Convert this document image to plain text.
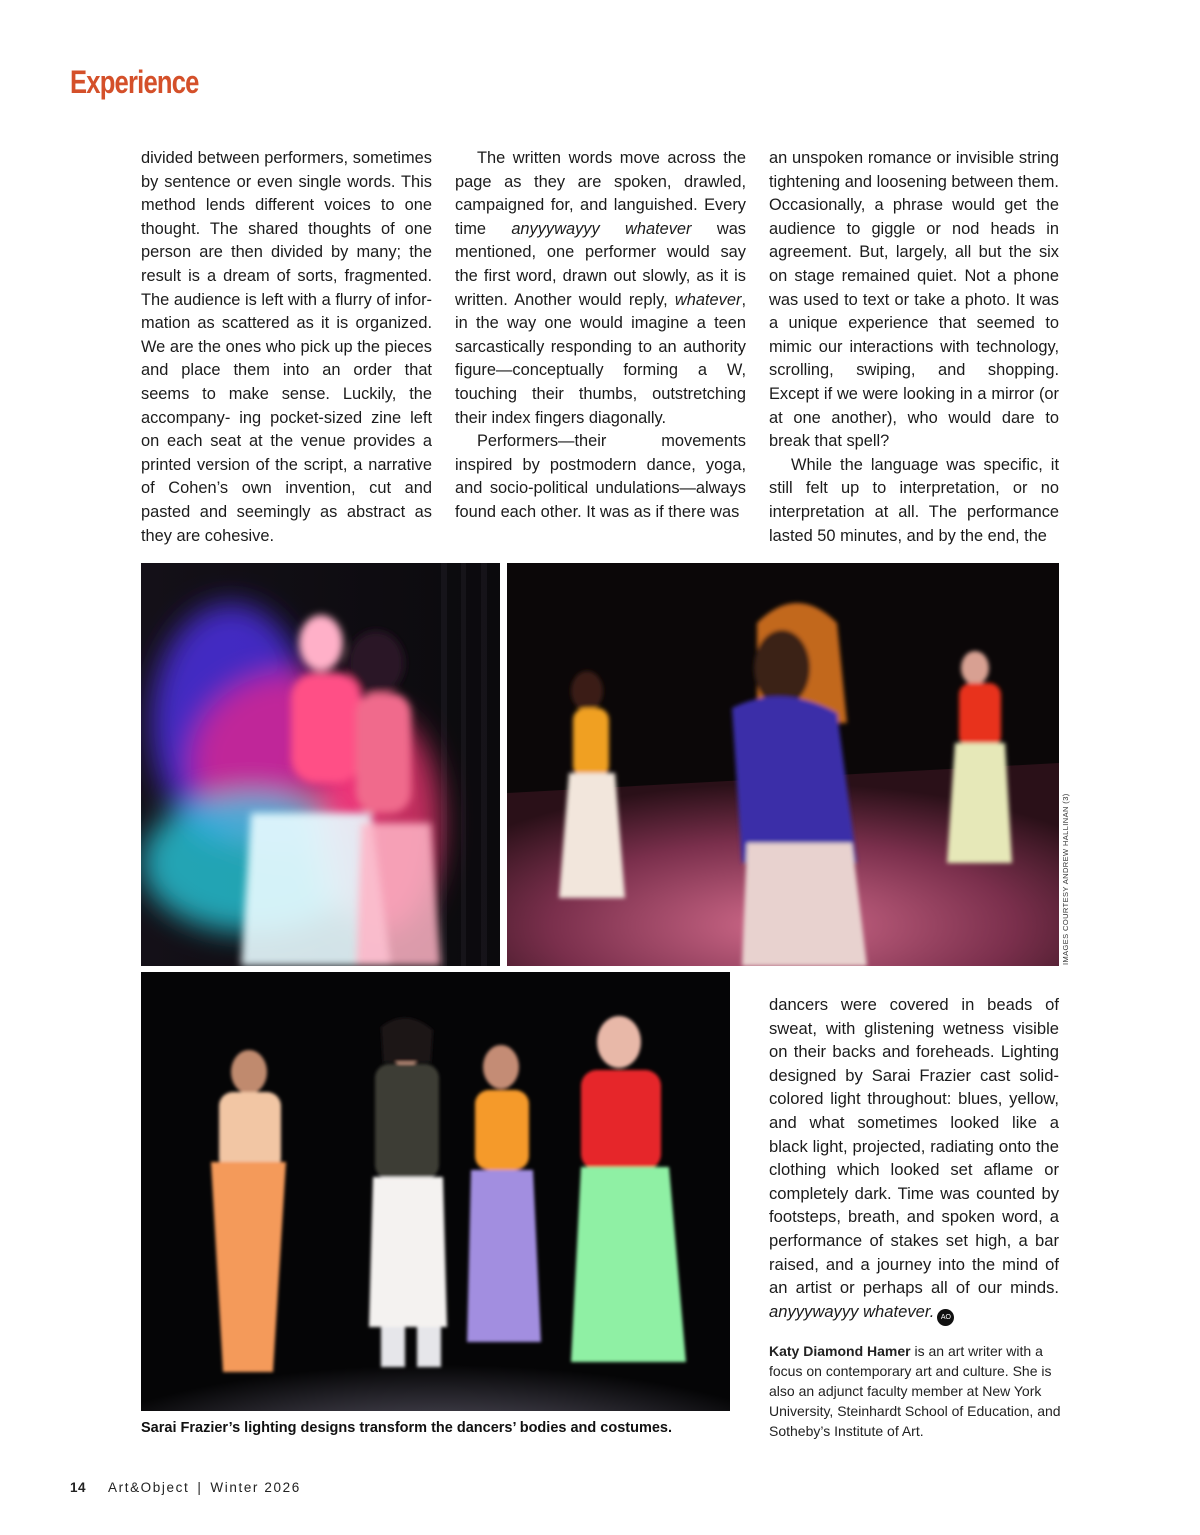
Experience

divided between performers, sometimes by sentence or even single words. This method lends different voices to one thought. The shared thoughts of one person are then divided by many; the result is a dream of sorts, fragmented. The audience is left with a flurry of infor- mation as scattered as it is organized. We are the ones who pick up the pieces and place them into an order that seems to make sense. Luckily, the accompany- ing pocket-sized zine left on each seat at the venue provides a printed version of the script, a narrative of Cohen’s own invention, cut and pasted and seemingly as abstract as they are cohesive.

The written words move across the page as they are spoken, drawled, campaigned for, and languished. Every time anyyywayyy whatever was mentioned, one performer would say the first word, drawn out slowly, as it is written. Another would reply, whatever, in the way one would imagine a teen sarcastically responding to an authority figure—conceptually forming a W, touching their thumbs, outstretching their index fingers diagonally.

Performers—their movements inspired by postmodern dance, yoga, and socio-political undulations—always found each other. It was as if there was

an unspoken romance or invisible string tightening and loosening between them. Occasionally, a phrase would get the audience to giggle or nod heads in agreement. But, largely, all but the six on stage remained quiet. Not a phone was used to text or take a photo. It was a unique experience that seemed to mimic our interactions with technology, scrolling, swiping, and shopping. Except if we were looking in a mirror (or at one another), who would dare to break that spell?

While the language was specific, it still felt up to interpretation, or no interpretation at all. The performance lasted 50 minutes, and by the end, the

IMAGES COURTESY ANDREW HALLINAN (3)

Sarai Frazier’s lighting designs transform the dancers’ bodies and costumes.

dancers were covered in beads of sweat, with glistening wetness visible on their backs and foreheads. Lighting designed by Sarai Frazier cast solid-colored light throughout: blues, yellow, and what sometimes looked like a black light, projected, radiating onto the clothing which looked set aflame or completely dark. Time was counted by footsteps, breath, and spoken word, a performance of stakes set high, a bar raised, and a journey into the mind of an artist or perhaps all of our minds. anyyywayyy whatever. AO

Katy Diamond Hamer is an art writer with a focus on contemporary art and culture. She is also an adjunct faculty member at New York University, Steinhardt School of Education, and Sotheby’s Institute of Art.

14 Art&Object | Winter 2026
